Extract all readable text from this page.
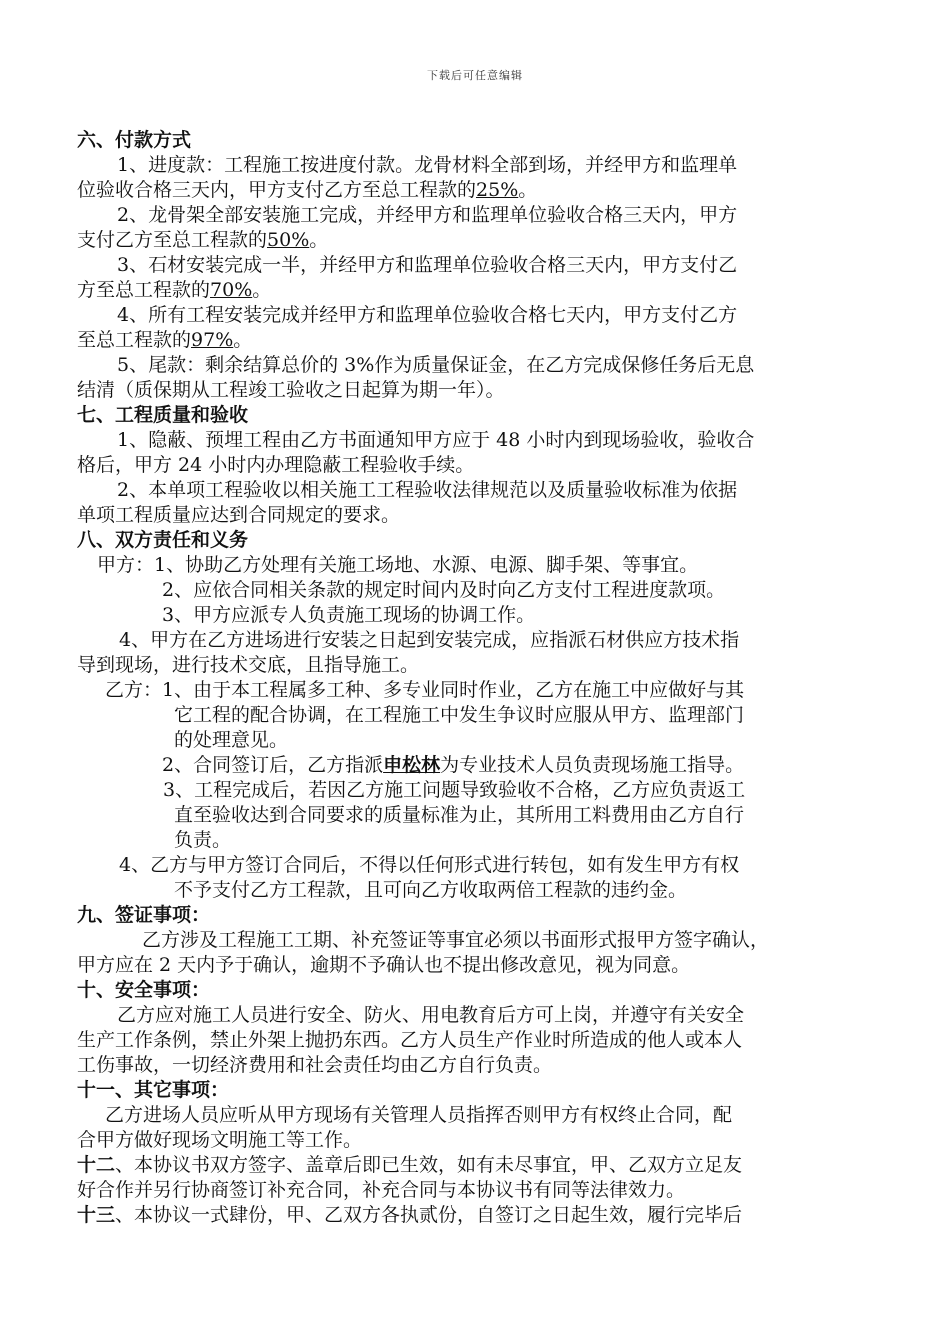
下载后可任意编辑
六、付款方式
1、进度款：工程施工按进度付款。龙骨材料全部到场，并经甲方和监理单
位验收合格三天内，甲方支付乙方至总工程款的25%。
2、龙骨架全部安装施工完成，并经甲方和监理单位验收合格三天内，甲方
支付乙方至总工程款的50%。
3、石材安装完成一半，并经甲方和监理单位验收合格三天内，甲方支付乙
方至总工程款的70%。
4、所有工程安装完成并经甲方和监理单位验收合格七天内，甲方支付乙方
至总工程款的97%。
5、尾款：剩余结算总价的 3%作为质量保证金，在乙方完成保修任务后无息
结清（质保期从工程竣工验收之日起算为期一年）。
七、工程质量和验收
1、隐蔽、预埋工程由乙方书面通知甲方应于 48 小时内到现场验收，验收合
格后，甲方 24 小时内办理隐蔽工程验收手续。
2、本单项工程验收以相关施工工程验收法律规范以及质量验收标准为依据
单项工程质量应达到合同规定的要求。
八、双方责任和义务
甲方：1、协助乙方处理有关施工场地、水源、电源、脚手架、等事宜。
2、应依合同相关条款的规定时间内及时向乙方支付工程进度款项。
3、甲方应派专人负责施工现场的协调工作。
4、甲方在乙方进场进行安装之日起到安装完成，应指派石材供应方技术指
导到现场，进行技术交底，且指导施工。
乙方：1、由于本工程属多工种、多专业同时作业，乙方在施工中应做好与其
它工程的配合协调，在工程施工中发生争议时应服从甲方、监理部门
的处理意见。
2、合同签订后，乙方指派申松林为专业技术人员负责现场施工指导。
3、工程完成后，若因乙方施工问题导致验收不合格，乙方应负责返工
直至验收达到合同要求的质量标准为止，其所用工料费用由乙方自行
负责。
4、乙方与甲方签订合同后，不得以任何形式进行转包，如有发生甲方有权
不予支付乙方工程款，且可向乙方收取两倍工程款的违约金。
九、签证事项：
乙方涉及工程施工工期、补充签证等事宜必须以书面形式报甲方签字确认，
甲方应在 2 天内予于确认，逾期不予确认也不提出修改意见，视为同意。
十、安全事项：
乙方应对施工人员进行安全、防火、用电教育后方可上岗，并遵守有关安全
生产工作条例，禁止外架上抛扔东西。乙方人员生产作业时所造成的他人或本人
工伤事故，一切经济费用和社会责任均由乙方自行负责。
十一、其它事项：
乙方进场人员应听从甲方现场有关管理人员指挥否则甲方有权终止合同，配
合甲方做好现场文明施工等工作。
十二、本协议书双方签字、盖章后即已生效，如有未尽事宜，甲、乙双方立足友
好合作并另行协商签订补充合同，补充合同与本协议书有同等法律效力。
十三、本协议一式肆份，甲、乙双方各执贰份，自签订之日起生效，履行完毕后
